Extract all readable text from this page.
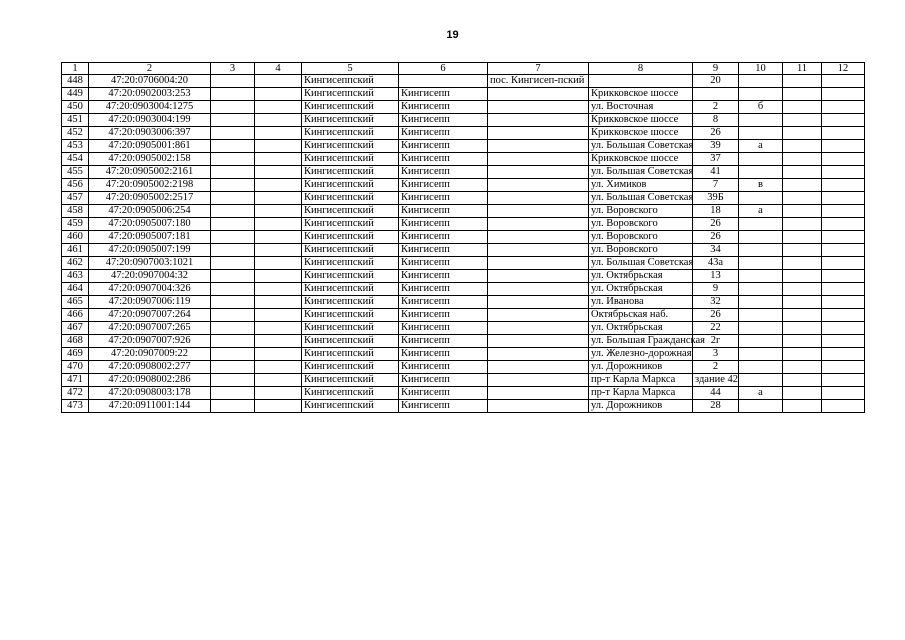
19
1	2	3	4	5	6	7	8	9	10	11	12
448	47:20:0706004:20			Кингисеппский		пос. Кингисеп-пский		20			
449	47:20:0902003:253			Кингисеппский	Кингисепп		Крикковское шоссе				
450	47:20:0903004:1275			Кингисеппский	Кингисепп		ул. Восточная	2	б		
451	47:20:0903004:199			Кингисеппский	Кингисепп		Крикковское шоссе	8			
452	47:20:0903006:397			Кингисеппский	Кингисепп		Крикковское шоссе	26			
453	47:20:0905001:861			Кингисеппский	Кингисепп		ул. Большая Советская	39	а		
454	47:20:0905002:158			Кингисеппский	Кингисепп		Крикковское шоссе	37			
455	47:20:0905002:2161			Кингисеппский	Кингисепп		ул. Большая Советская	41			
456	47:20:0905002:2198			Кингисеппский	Кингисепп		ул. Химиков	7	в		
457	47:20:0905002:2517			Кингисеппский	Кингисепп		ул. Большая Советская	39Б			
458	47:20:0905006:254			Кингисеппский	Кингисепп		ул. Воровского	18	а		
459	47:20:0905007:180			Кингисеппский	Кингисепп		ул. Воровского	26			
460	47:20:0905007:181			Кингисеппский	Кингисепп		ул. Воровского	26			
461	47:20:0905007:199			Кингисеппский	Кингисепп		ул. Воровского	34			
462	47:20:0907003:1021			Кингисеппский	Кингисепп		ул. Большая Советская	43а			
463	47:20:0907004:32			Кингисеппский	Кингисепп		ул. Октябрьская	13			
464	47:20:0907004:326			Кингисеппский	Кингисепп		ул. Октябрьская	9			
465	47:20:0907006:119			Кингисеппский	Кингисепп		ул. Иванова	32			
466	47:20:0907007:264			Кингисеппский	Кингисепп		Октябрьская наб.	26			
467	47:20:0907007:265			Кингисеппский	Кингисепп		ул. Октябрьская	22			
468	47:20:0907007:926			Кингисеппский	Кингисепп		ул. Большая Гражданская	2г			
469	47:20:0907009:22			Кингисеппский	Кингисепп		ул. Железно-дорожная	3			
470	47:20:0908002:277			Кингисеппский	Кингисепп		ул. Дорожников	2			
471	47:20:0908002:286			Кингисеппский	Кингисепп		пр-т Карла Маркса	здание 42			
472	47:20:0908003:178			Кингисеппский	Кингисепп		пр-т Карла Маркса	44	а		
473	47:20:0911001:144			Кингисеппский	Кингисепп		ул. Дорожников	28			
